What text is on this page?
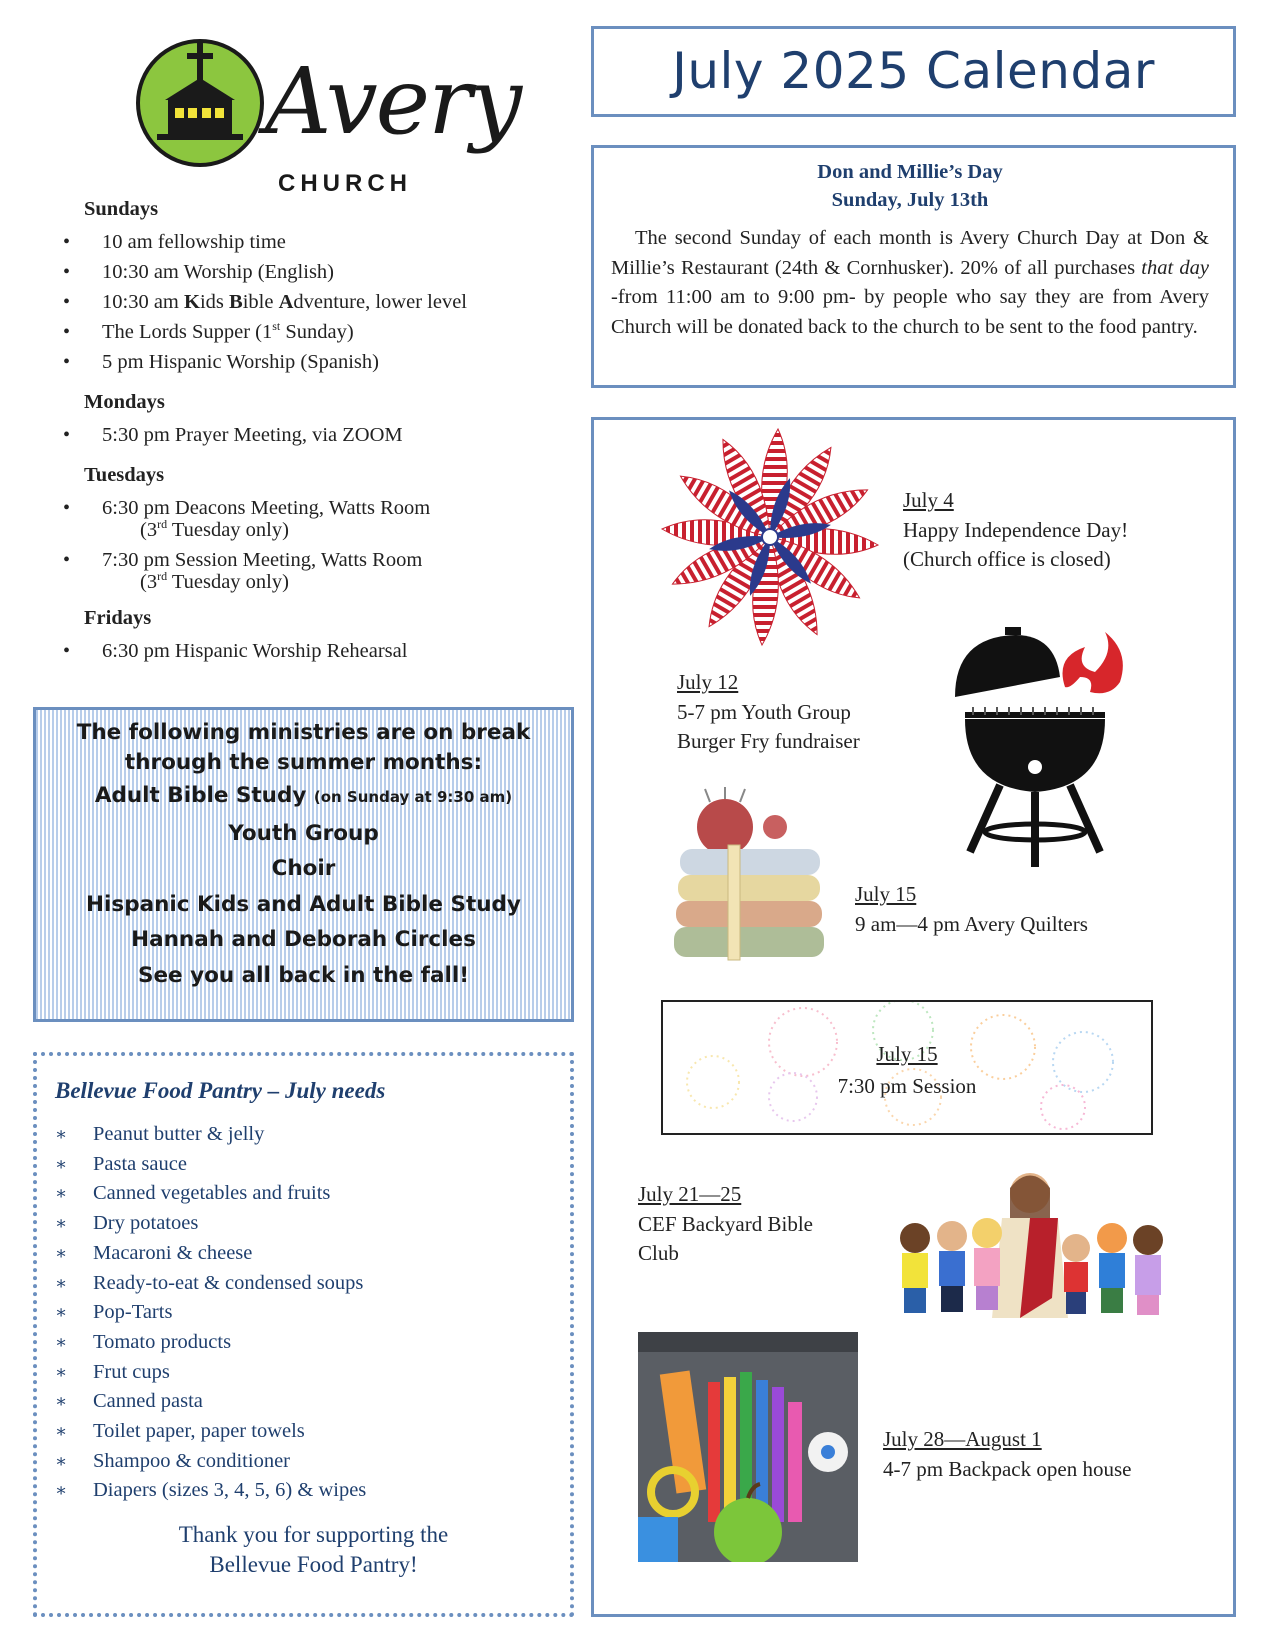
Avery
CHURCH
Sundays
• 10 am fellowship time
• 10:30 am Worship (English)
• 10:30 am Kids Bible Adventure, lower level
• The Lords Supper (1st Sunday)
• 5 pm Hispanic Worship (Spanish)
Mondays
• 5:30 pm Prayer Meeting, via ZOOM
Tuesdays
• 6:30 pm Deacons Meeting, Watts Room
(3rd Tuesday only)
• 7:30 pm Session Meeting, Watts Room
(3rd Tuesday only)
Fridays
• 6:30 pm Hispanic Worship Rehearsal
The following ministries are on break
through the summer months:
Adult Bible Study (on Sunday at 9:30 am)
Youth Group
Choir
Hispanic Kids and Adult Bible Study
Hannah and Deborah Circles
See you all back in the fall!
Bellevue Food Pantry – July needs
∗ Peanut butter & jelly
∗ Pasta sauce
∗ Canned vegetables and fruits
∗ Dry potatoes
∗ Macaroni & cheese
∗ Ready-to-eat & condensed soups
∗ Pop-Tarts
∗ Tomato products
∗ Frut cups
∗ Canned pasta
∗ Toilet paper, paper towels
∗ Shampoo & conditioner
∗ Diapers (sizes 3, 4, 5, 6) & wipes
Thank you for supporting the
Bellevue Food Pantry!
July 2025 Calendar
Don and Millie’s Day
Sunday, July 13th

The second Sunday of each month is Avery Church Day at Don & Millie’s Restaurant (24th & Cornhusker). 20% of all purchases that day -from 11:00 am to 9:00 pm- by people who say they are from Avery Church will be donated back to the church to be sent to the food pantry.

July 4
Happy Independence Day!
(Church office is closed)
July 12
5-7 pm Youth Group
Burger Fry fundraiser
July 15
9 am—4 pm Avery Quilters
July 15
7:30 pm Session
July 21—25
CEF Backyard Bible
Club
July 28—August 1
4-7 pm Backpack open house
